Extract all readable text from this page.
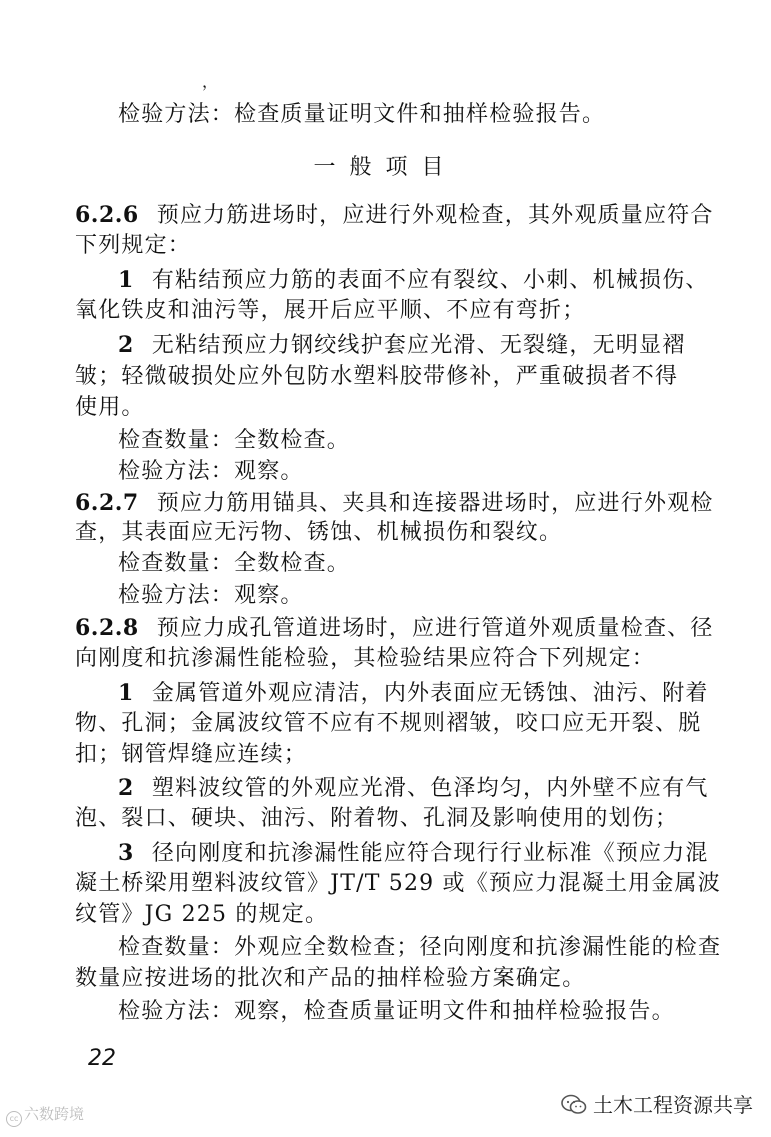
，
检验方法：检查质量证明文件和抽样检验报告。
一般项目
6.2.6 预应力筋进场时，应进行外观检查，其外观质量应符合
下列规定：
1 有粘结预应力筋的表面不应有裂纹、小刺、机械损伤、
氧化铁皮和油污等，展开后应平顺、不应有弯折；
2 无粘结预应力钢绞线护套应光滑、无裂缝，无明显褶
皱；轻微破损处应外包防水塑料胶带修补，严重破损者不得
使用。
检查数量：全数检查。
检验方法：观察。
6.2.7 预应力筋用锚具、夹具和连接器进场时，应进行外观检
查，其表面应无污物、锈蚀、机械损伤和裂纹。
检查数量：全数检查。
检验方法：观察。
6.2.8 预应力成孔管道进场时，应进行管道外观质量检查、径
向刚度和抗渗漏性能检验，其检验结果应符合下列规定：
1 金属管道外观应清洁，内外表面应无锈蚀、油污、附着
物、孔洞；金属波纹管不应有不规则褶皱，咬口应无开裂、脱
扣；钢管焊缝应连续；
2 塑料波纹管的外观应光滑、色泽均匀，内外壁不应有气
泡、裂口、硬块、油污、附着物、孔洞及影响使用的划伤；
3 径向刚度和抗渗漏性能应符合现行行业标准《预应力混
凝土桥梁用塑料波纹管》JT/T 529 或《预应力混凝土用金属波
纹管》JG 225 的规定。
检查数量：外观应全数检查；径向刚度和抗渗漏性能的检查
数量应按进场的批次和产品的抽样检验方案确定。
检验方法：观察，检查质量证明文件和抽样检验报告。
22
cc 六数跨境	土木工程资源共享
